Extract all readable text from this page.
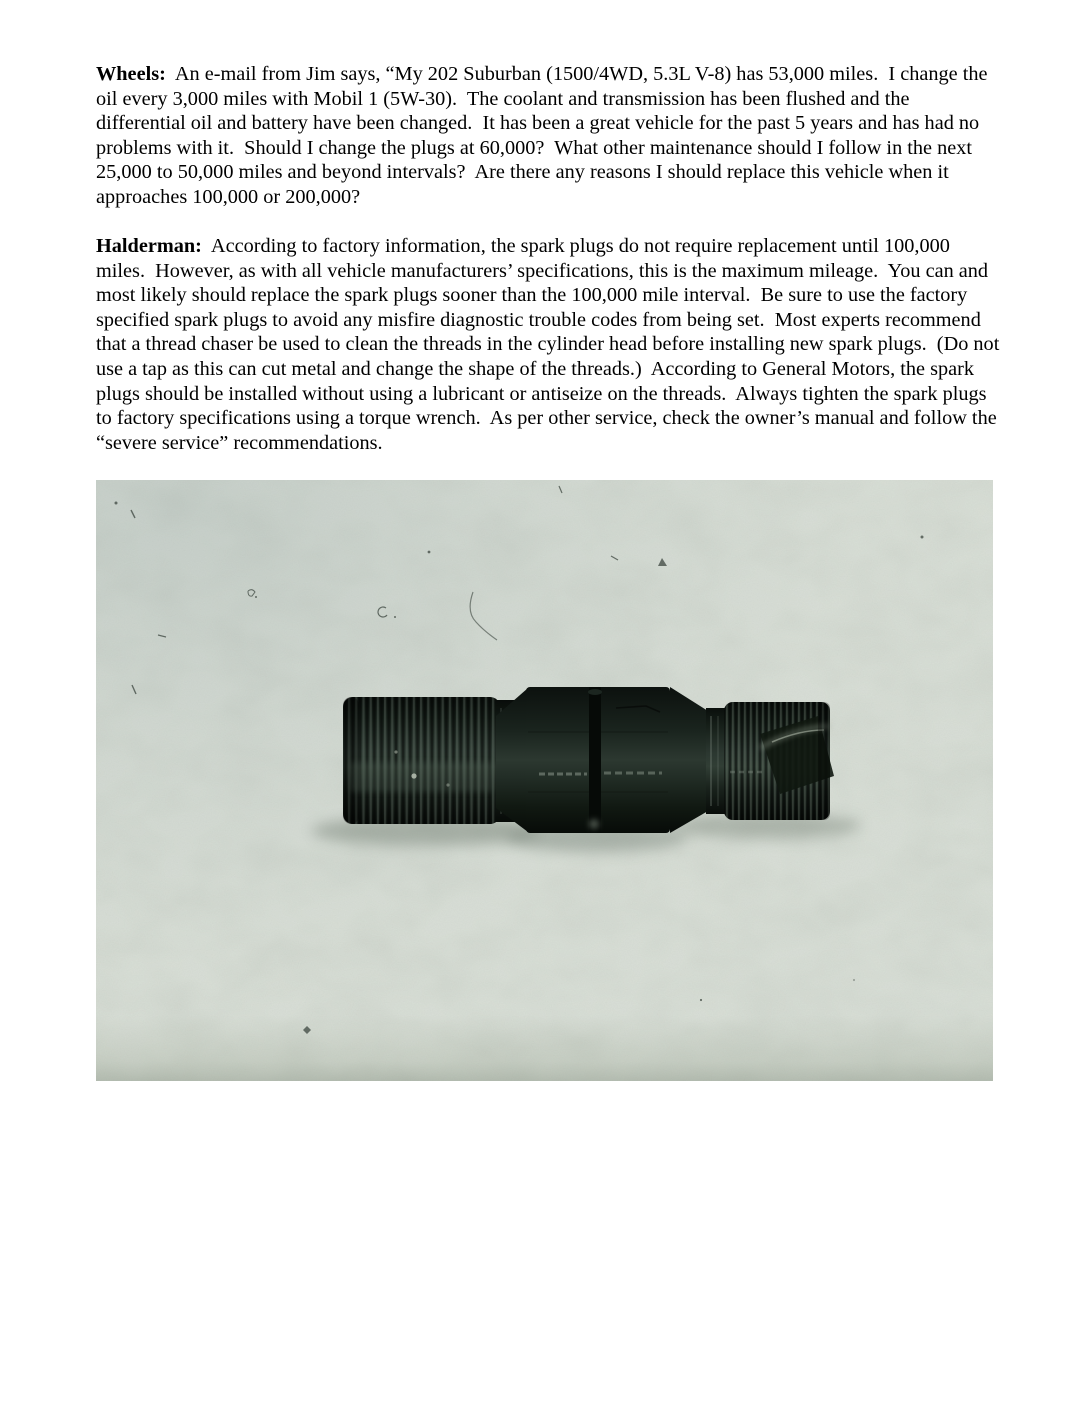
Wheels:  An e-mail from Jim says, “My 202 Suburban (1500/4WD, 5.3L V-8) has 53,000 miles.  I change the oil every 3,000 miles with Mobil 1 (5W-30).  The coolant and transmission has been flushed and the differential oil and battery have been changed.  It has been a great vehicle for the past 5 years and has had no problems with it.  Should I change the plugs at 60,000?  What other maintenance should I follow in the next 25,000 to 50,000 miles and beyond intervals?  Are there any reasons I should replace this vehicle when it approaches 100,000 or 200,000?

Halderman:  According to factory information, the spark plugs do not require replacement until 100,000 miles.  However, as with all vehicle manufacturers’ specifications, this is the maximum mileage.  You can and most likely should replace the spark plugs sooner than the 100,000 mile interval.  Be sure to use the factory specified spark plugs to avoid any misfire diagnostic trouble codes from being set.  Most experts recommend that a thread chaser be used to clean the threads in the cylinder head before installing new spark plugs.  (Do not use a tap as this can cut metal and change the shape of the threads.)  According to General Motors, the spark plugs should be installed without using a lubricant or antiseize on the threads.  Always tighten the spark plugs to factory specifications using a torque wrench.  As per other service, check the owner’s manual and follow the “severe service” recommendations.
